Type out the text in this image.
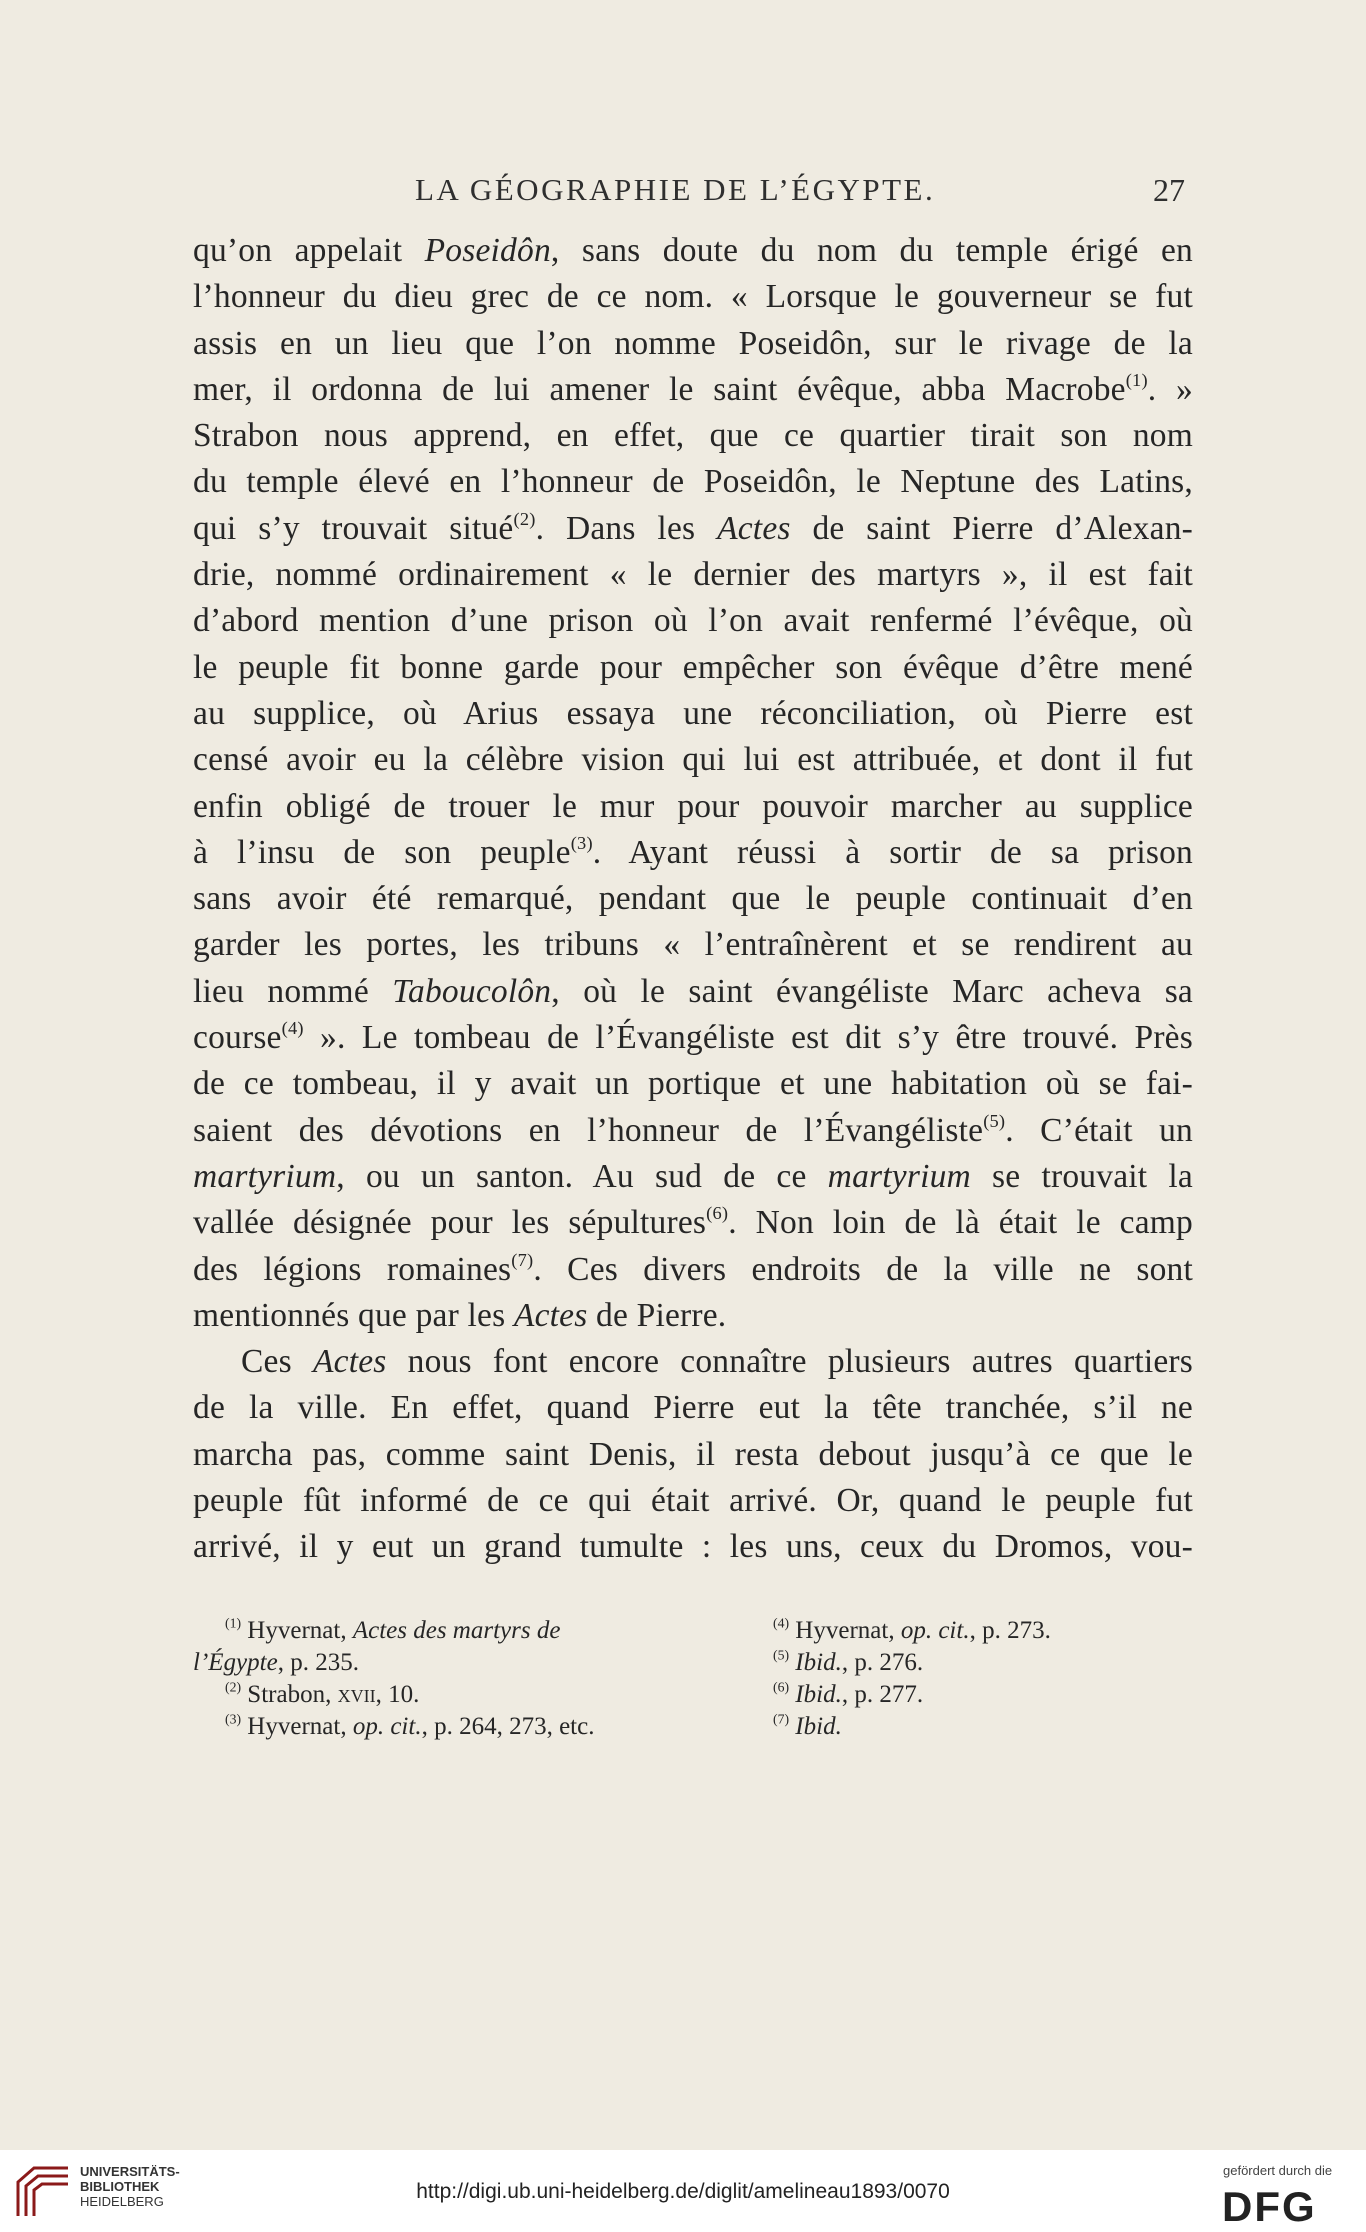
LA GÉOGRAPHIE DE L’ÉGYPTE.	27
qu’on appelait Poseidôn, sans doute du nom du temple érigé en
l’honneur du dieu grec de ce nom. « Lorsque le gouverneur se fut
assis en un lieu que l’on nomme Poseidôn, sur le rivage de la
mer, il ordonna de lui amener le saint évêque, abba Macrobe$^{(1)}$. »
Strabon nous apprend, en effet, que ce quartier tirait son nom
du temple élevé en l’honneur de Poseidôn, le Neptune des Latins,
qui s’y trouvait situé$^{(2)}$. Dans les Actes de saint Pierre d’Alexan-
drie, nommé ordinairement « le dernier des martyrs », il est fait
d’abord mention d’une prison où l’on avait renfermé l’évêque, où
le peuple fit bonne garde pour empêcher son évêque d’être mené
au supplice, où Arius essaya une réconciliation, où Pierre est
censé avoir eu la célèbre vision qui lui est attribuée, et dont il fut
enfin obligé de trouer le mur pour pouvoir marcher au supplice
à l’insu de son peuple$^{(3)}$. Ayant réussi à sortir de sa prison
sans avoir été remarqué, pendant que le peuple continuait d’en
garder les portes, les tribuns « l’entraînèrent et se rendirent au
lieu nommé Taboucolôn, où le saint évangéliste Marc acheva sa
course$^{(4)}$ ». Le tombeau de l’Évangéliste est dit s’y être trouvé. Près
de ce tombeau, il y avait un portique et une habitation où se fai-
saient des dévotions en l’honneur de l’Évangéliste$^{(5)}$. C’était un
martyrium, ou un santon. Au sud de ce martyrium se trouvait la
vallée désignée pour les sépultures$^{(6)}$. Non loin de là était le camp
des légions romaines$^{(7)}$. Ces divers endroits de la ville ne sont
mentionnés que par les Actes de Pierre.
Ces Actes nous font encore connaître plusieurs autres quartiers
de la ville. En effet, quand Pierre eut la tête tranchée, s’il ne
marcha pas, comme saint Denis, il resta debout jusqu’à ce que le
peuple fût informé de ce qui était arrivé. Or, quand le peuple fut
arrivé, il y eut un grand tumulte : les uns, ceux du Dromos, vou-
$^{(1)}$ Hyvernat, Actes des martyrs de
l’Égypte, p. 235.
$^{(2)}$ Strabon, xvii, 10.
$^{(3)}$ Hyvernat, op. cit., p. 264, 273, etc.
$^{(4)}$ Hyvernat, op. cit., p. 273.
$^{(5)}$ Ibid., p. 276.
$^{(6)}$ Ibid., p. 277.
$^{(7)}$ Ibid.
UNIVERSITÄTS-
BIBLIOTHEK
HEIDELBERG	http://digi.ub.uni-heidelberg.de/diglit/amelineau1893/0070
gefördert durch die
DFG
